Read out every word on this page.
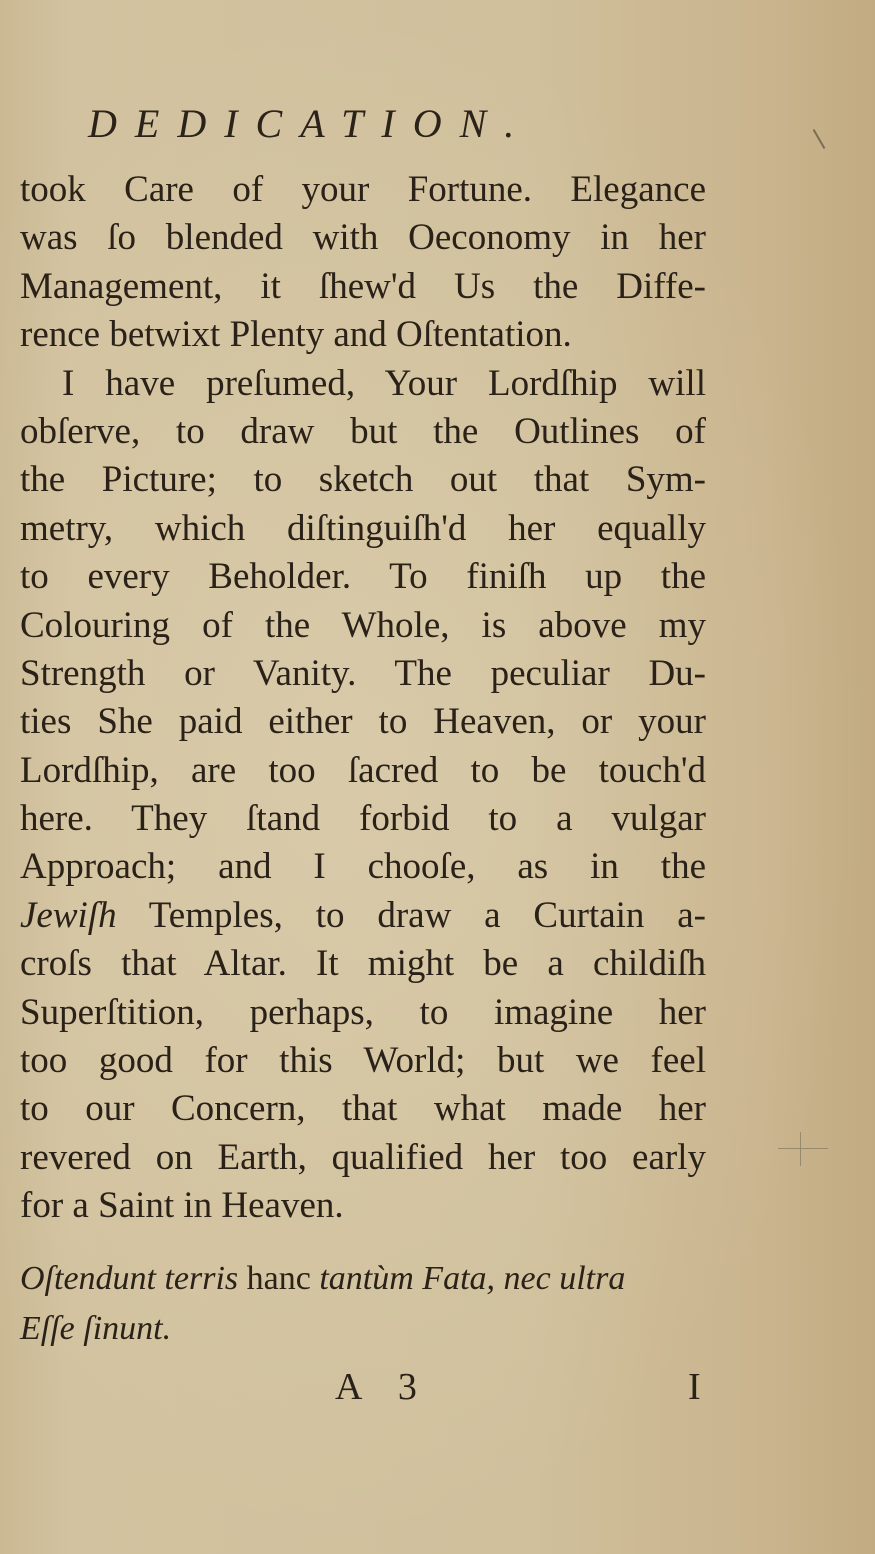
DEDICATION.
took Care of your Fortune. Elegance
was ſo blended with Oeconomy in her
Management, it ſhew'd Us the Diffe-
rence betwixt Plenty and Oſtentation.
I have preſumed, Your Lordſhip will
obſerve, to draw but the Outlines of
the Picture; to sketch out that Sym-
metry, which diſtinguiſh'd her equally
to every Beholder. To finiſh up the
Colouring of the Whole, is above my
Strength or Vanity. The peculiar Du-
ties She paid either to Heaven, or your
Lordſhip, are too ſacred to be touch'd
here. They ſtand forbid to a vulgar
Approach; and I chooſe, as in the
Jewiſh Temples, to draw a Curtain a-
croſs that Altar. It might be a childiſh
Superſtition, perhaps, to imagine her
too good for this World; but we feel
to our Concern, that what made her
revered on Earth, qualified her too early
for a Saint in Heaven.
Oſtendunt terris hanc tantùm Fata, nec ultra
Eſſe ſinunt.
A 3	I
